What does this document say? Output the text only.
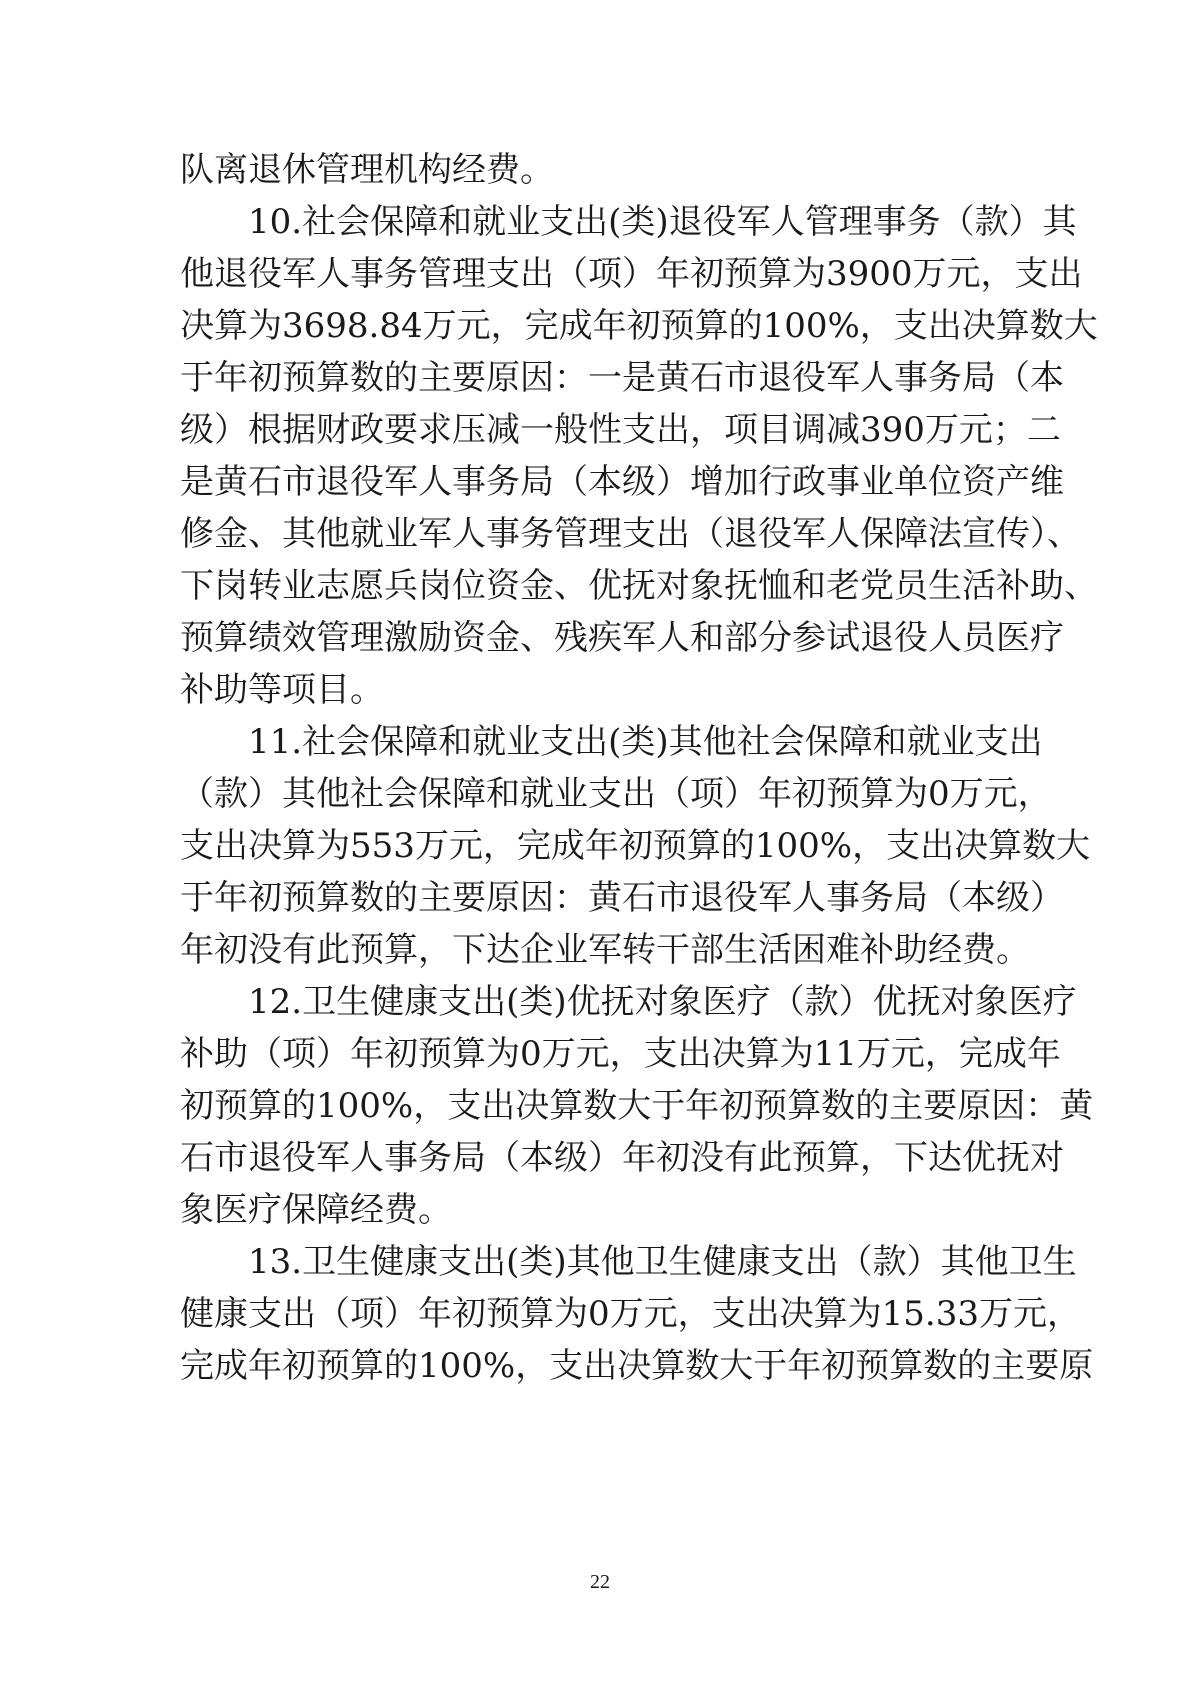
队离退休管理机构经费。
10.社会保障和就业支出(类)退役军人管理事务（款）其
他退役军人事务管理支出（项）年初预算为3900万元，支出
决算为3698.84万元，完成年初预算的100%，支出决算数大
于年初预算数的主要原因：一是黄石市退役军人事务局（本
级）根据财政要求压减一般性支出，项目调减390万元；二
是黄石市退役军人事务局（本级）增加行政事业单位资产维
修金、其他就业军人事务管理支出（退役军人保障法宣传）、
下岗转业志愿兵岗位资金、优抚对象抚恤和老党员生活补助、
预算绩效管理激励资金、残疾军人和部分参试退役人员医疗
补助等项目。
11.社会保障和就业支出(类)其他社会保障和就业支出
（款）其他社会保障和就业支出（项）年初预算为0万元，
支出决算为553万元，完成年初预算的100%，支出决算数大
于年初预算数的主要原因：黄石市退役军人事务局（本级）
年初没有此预算，下达企业军转干部生活困难补助经费。
12.卫生健康支出(类)优抚对象医疗（款）优抚对象医疗
补助（项）年初预算为0万元，支出决算为11万元，完成年
初预算的100%，支出决算数大于年初预算数的主要原因：黄
石市退役军人事务局（本级）年初没有此预算，下达优抚对
象医疗保障经费。
13.卫生健康支出(类)其他卫生健康支出（款）其他卫生
健康支出（项）年初预算为0万元，支出决算为15.33万元，
完成年初预算的100%，支出决算数大于年初预算数的主要原
22
